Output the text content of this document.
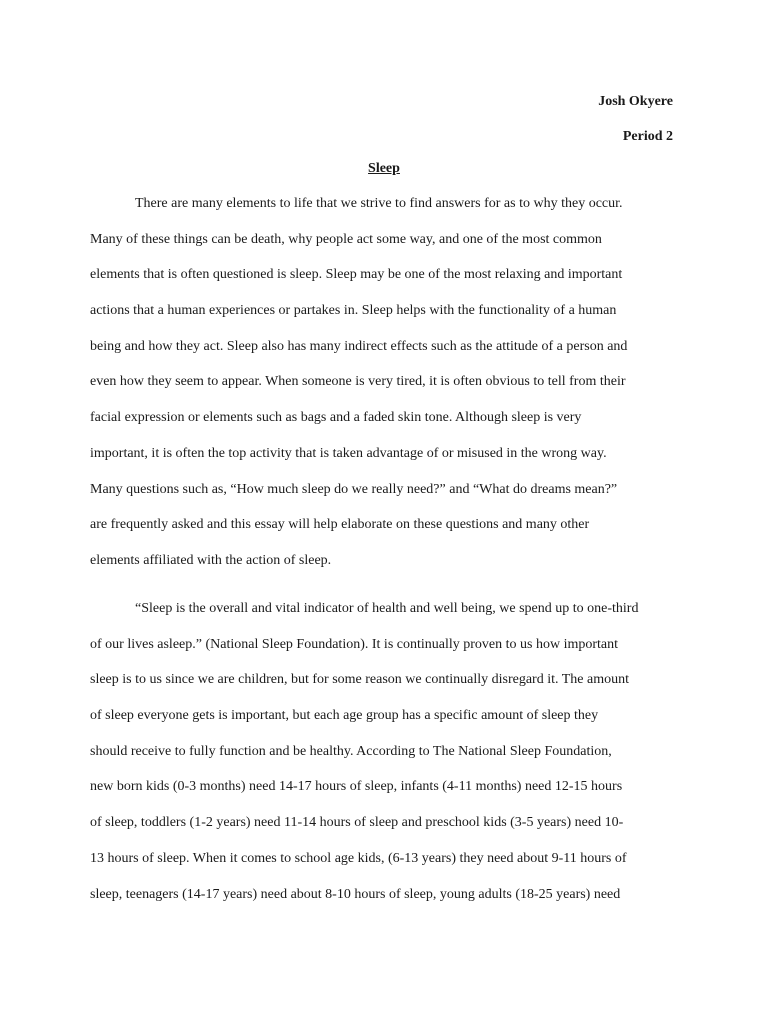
Josh Okyere
Period 2
Sleep
There are many elements to life that we strive to find answers for as to why they occur.
Many of these things can be death, why people act some way, and one of the most common
elements that is often questioned is sleep. Sleep may be one of the most relaxing and important
actions that a human experiences or partakes in. Sleep helps with the functionality of a human
being and how they act. Sleep also has many indirect effects such as the attitude of a person and
even how they seem to appear. When someone is very tired, it is often obvious to tell from their
facial expression or elements such as bags and a faded skin tone. Although sleep is very
important, it is often the top activity that is taken advantage of or misused in the wrong way.
Many questions such as, “How much sleep do we really need?” and “What do dreams mean?”
are frequently asked and this essay will help elaborate on these questions and many other
elements affiliated with the action of sleep.
“Sleep is the overall and vital indicator of health and well being, we spend up to one-third
of our lives asleep.” (National Sleep Foundation). It is continually proven to us how important
sleep is to us since we are children, but for some reason we continually disregard it. The amount
of sleep everyone gets is important, but each age group has a specific amount of sleep they
should receive to fully function and be healthy. According to The National Sleep Foundation,
new born kids (0-3 months) need 14-17 hours of sleep, infants (4-11 months) need 12-15 hours
of sleep, toddlers (1-2 years) need 11-14 hours of sleep and preschool kids (3-5 years) need 10-
13 hours of sleep. When it comes to school age kids, (6-13 years) they need about 9-11 hours of
sleep, teenagers (14-17 years) need about 8-10 hours of sleep, young adults (18-25 years) need
